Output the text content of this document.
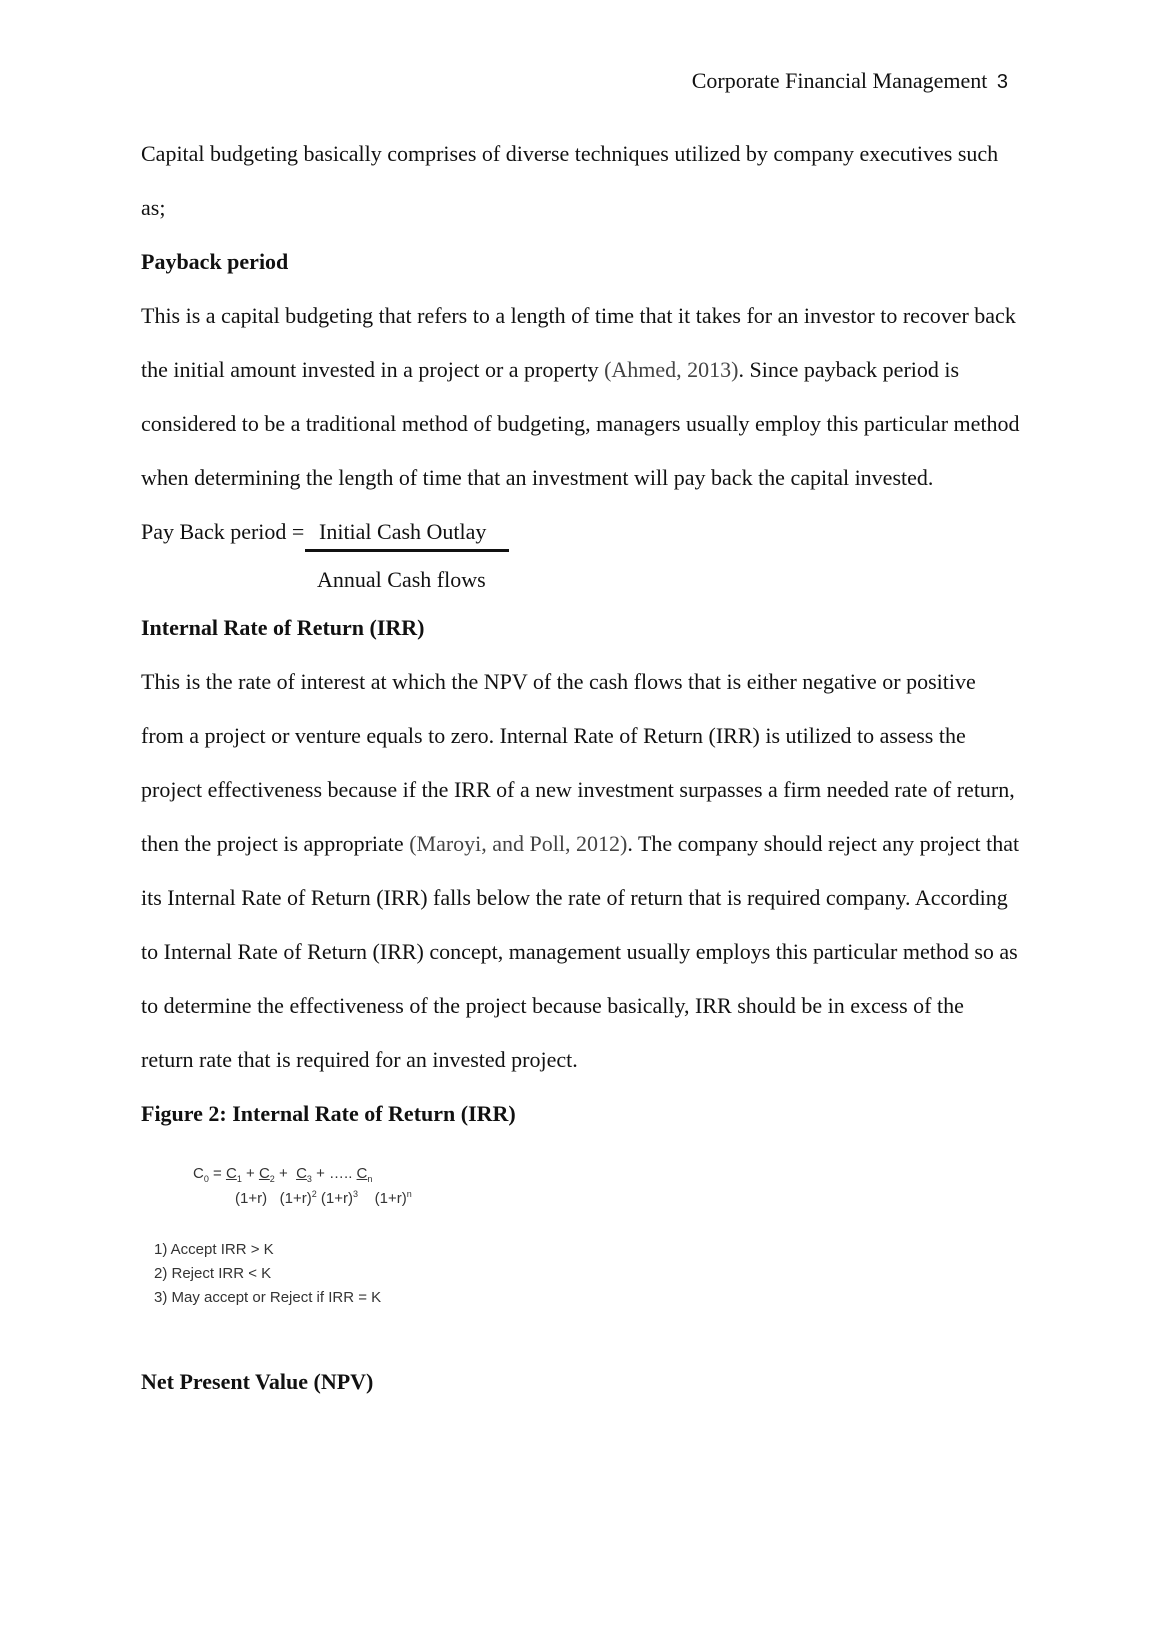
Corporate Financial Management 3

Capital budgeting basically comprises of diverse techniques utilized by company executives such as;

Payback period

This is a capital budgeting that refers to a length of time that it takes for an investor to recover back the initial amount invested in a project or a property (Ahmed, 2013). Since payback period is considered to be a traditional method of budgeting, managers usually employ this particular method when determining the length of time that an investment will pay back the capital invested.

Pay Back period = Initial Cash Outlay
Annual Cash flows
Internal Rate of Return (IRR)

This is the rate of interest at which the NPV of the cash flows that is either negative or positive from a project or venture equals to zero. Internal Rate of Return (IRR) is utilized to assess the project effectiveness because if the IRR of a new investment surpasses a firm needed rate of return, then the project is appropriate (Maroyi, and Poll, 2012). The company should reject any project that its Internal Rate of Return (IRR) falls below the rate of return that is required company. According to Internal Rate of Return (IRR) concept, management usually employs this particular method so as to determine the effectiveness of the project because basically, IRR should be in excess of the return rate that is required for an invested project.

Figure 2: Internal Rate of Return (IRR)
$C_0 = C_1 + C_2 + C_3$ + ….. $C_n$
(1+r) $(1+r)^2$ $(1+r)^3$ $(1+r)^n$
1) Accept IRR > K
2) Reject IRR < K
3) May accept or Reject if IRR = K
Net Present Value (NPV)
